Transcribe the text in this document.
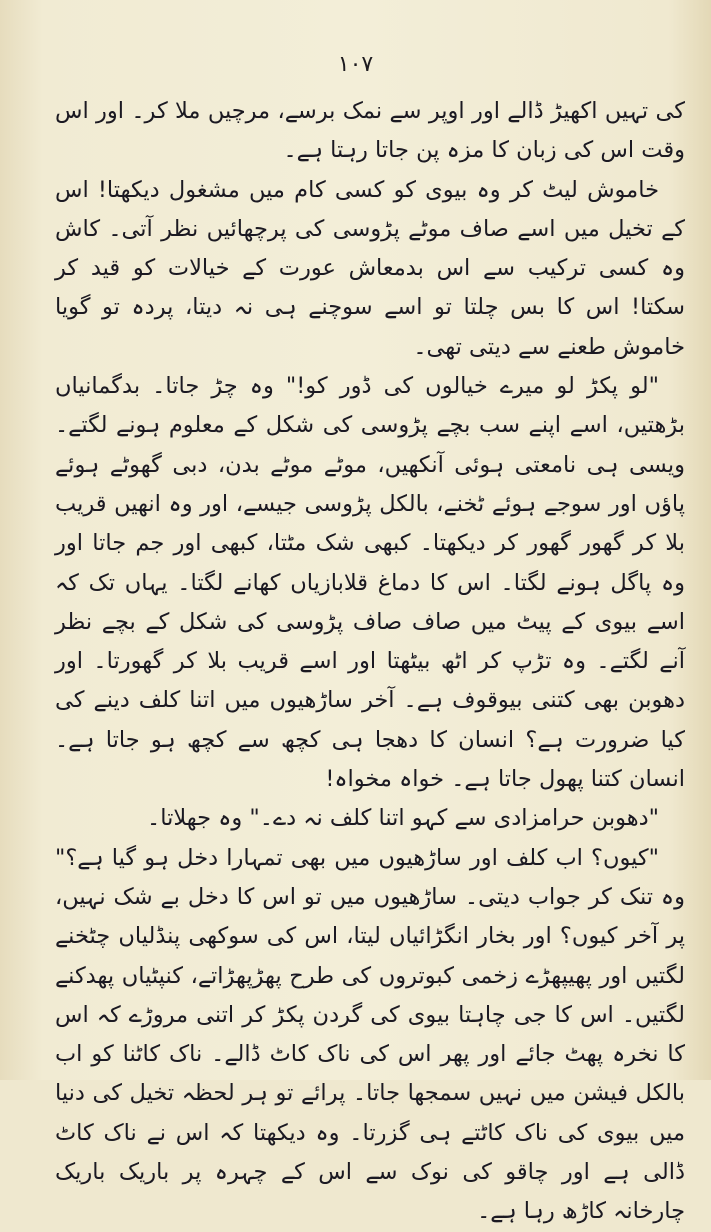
۱۰۷

کی تہیں اکھیڑ ڈالے اور اوپر سے نمک برسے، مرچیں ملا کر۔ اور اس وقت اس کی زبان کا مزہ پن جاتا رہتا ہے۔

خاموش لیٹ کر وہ بیوی کو کسی کام میں مشغول دیکھتا! اس کے تخیل میں اسے صاف موٹے پڑوسی کی پرچھائیں نظر آتی۔ کاش وہ کسی ترکیب سے اس بدمعاش عورت کے خیالات کو قید کر سکتا! اس کا بس چلتا تو اسے سوچنے ہی نہ دیتا، پردہ تو گویا خاموش طعنے سے دیتی تھی۔

"لو پکڑ لو میرے خیالوں کی ڈور کو!" وہ چڑ جاتا۔ بدگمانیاں بڑھتیں، اسے اپنے سب بچے پڑوسی کی شکل کے معلوم ہونے لگتے۔ ویسی ہی نامعتی ہوئی آنکھیں، موٹے موٹے بدن، دبی گھوٹے ہوئے پاؤں اور سوجے ہوئے ٹخنے، بالکل پڑوسی جیسے، اور وہ انھیں قریب بلا کر گھور گھور کر دیکھتا۔ کبھی شک مٹتا، کبھی اور جم جاتا اور وہ پاگل ہونے لگتا۔ اس کا دماغ قلابازیاں کھانے لگتا۔ یہاں تک کہ اسے بیوی کے پیٹ میں صاف صاف پڑوسی کی شکل کے بچے نظر آنے لگتے۔ وہ تڑپ کر اٹھ بیٹھتا اور اسے قریب بلا کر گھورتا۔ اور دھوبن بھی کتنی بیوقوف ہے۔ آخر ساڑھیوں میں اتنا کلف دینے کی کیا ضرورت ہے؟ انسان کا دھجا ہی کچھ سے کچھ ہو جاتا ہے۔ انسان کتنا پھول جاتا ہے۔ خواہ مخواہ!

"دھوبن حرامزادی سے کہو اتنا کلف نہ دے۔" وہ جھلاتا۔

"کیوں؟ اب کلف اور ساڑھیوں میں بھی تمہارا دخل ہو گیا ہے؟" وہ تنک کر جواب دیتی۔ ساڑھیوں میں تو اس کا دخل بے شک نہیں، پر آخر کیوں؟ اور بخار انگڑائیاں لیتا، اس کی سوکھی پنڈلیاں چٹخنے لگتیں اور پھیپھڑے زخمی کبوتروں کی طرح پھڑپھڑاتے، کنپٹیاں پھدکنے لگتیں۔ اس کا جی چاہتا بیوی کی گردن پکڑ کر اتنی مروڑے کہ اس کا نخرہ پھٹ جائے اور پھر اس کی ناک کاٹ ڈالے۔ ناک کاٹنا کو اب بالکل فیشن میں نہیں سمجھا جاتا۔ پرائے تو ہر لحظہ تخیل کی دنیا میں بیوی کی ناک کاٹتے ہی گزرتا۔ وہ دیکھتا کہ اس نے ناک کاٹ ڈالی ہے اور چاقو کی نوک سے اس کے چہرہ پر باریک باریک چارخانہ کاڑھ رہا ہے۔
